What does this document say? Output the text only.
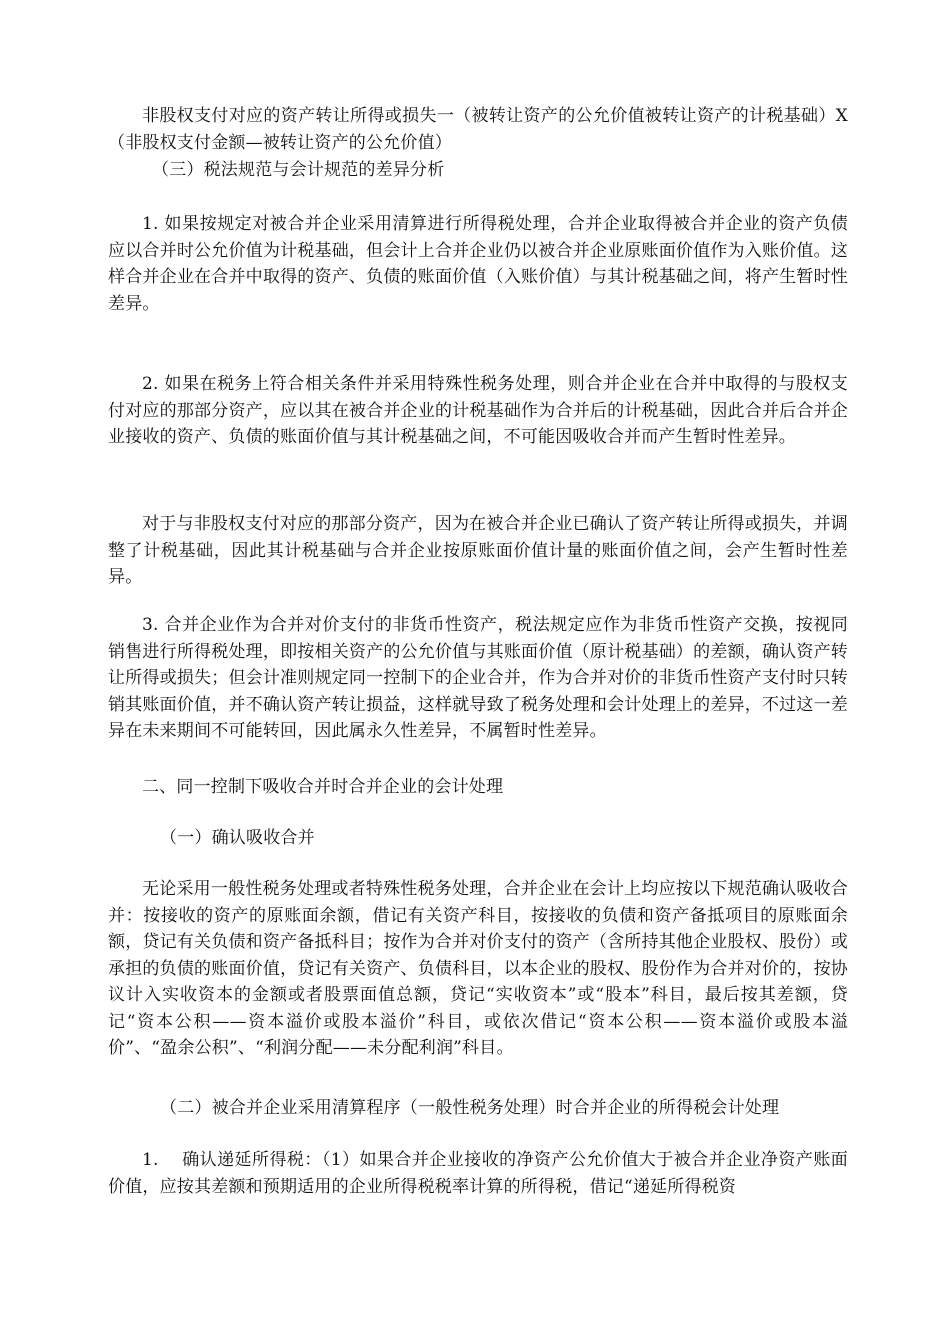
非股权支付对应的资产转让所得或损失一（被转让资产的公允价值被转让资产的计税基础）X（非股权支付金额—被转让资产的公允价值）

（三）税法规范与会计规范的差异分析

1. 如果按规定对被合并企业采用清算进行所得税处理，合并企业取得被合并企业的资产负债应以合并时公允价值为计税基础，但会计上合并企业仍以被合并企业原账面价值作为入账价值。这样合并企业在合并中取得的资产、负债的账面价值（入账价值）与其计税基础之间，将产生暂时性差异。

2. 如果在税务上符合相关条件并采用特殊性税务处理，则合并企业在合并中取得的与股权支付对应的那部分资产，应以其在被合并企业的计税基础作为合并后的计税基础，因此合并后合并企业接收的资产、负债的账面价值与其计税基础之间，不可能因吸收合并而产生暂时性差异。

对于与非股权支付对应的那部分资产，因为在被合并企业已确认了资产转让所得或损失，并调整了计税基础，因此其计税基础与合并企业按原账面价值计量的账面价值之间，会产生暂时性差异。

3. 合并企业作为合并对价支付的非货币性资产，税法规定应作为非货币性资产交换，按视同销售进行所得税处理，即按相关资产的公允价值与其账面价值（原计税基础）的差额，确认资产转让所得或损失；但会计准则规定同一控制下的企业合并，作为合并对价的非货币性资产支付时只转销其账面价值，并不确认资产转让损益，这样就导致了税务处理和会计处理上的差异，不过这一差异在未来期间不可能转回，因此属永久性差异，不属暂时性差异。

二、同一控制下吸收合并时合并企业的会计处理

（一）确认吸收合并

无论采用一般性税务处理或者特殊性税务处理，合并企业在会计上均应按以下规范确认吸收合并：按接收的资产的原账面余额，借记有关资产科目，按接收的负债和资产备抵项目的原账面余额，贷记有关负债和资产备抵科目；按作为合并对价支付的资产（含所持其他企业股权、股份）或承担的负债的账面价值，贷记有关资产、负债科目，以本企业的股权、股份作为合并对价的，按协议计入实收资本的金额或者股票面值总额，贷记“实收资本”或“股本”科目，最后按其差额，贷记“资本公积——资本溢价或股本溢价”科目，或依次借记“资本公积——资本溢价或股本溢价”、“盈余公积”、“利润分配——未分配利润”科目。

（二）被合并企业采用清算程序（一般性税务处理）时合并企业的所得税会计处理

1.　 确认递延所得税：（1）如果合并企业接收的净资产公允价值大于被合并企业净资产账面价值，应按其差额和预期适用的企业所得税税率计算的所得税，借记“递延所得税资
